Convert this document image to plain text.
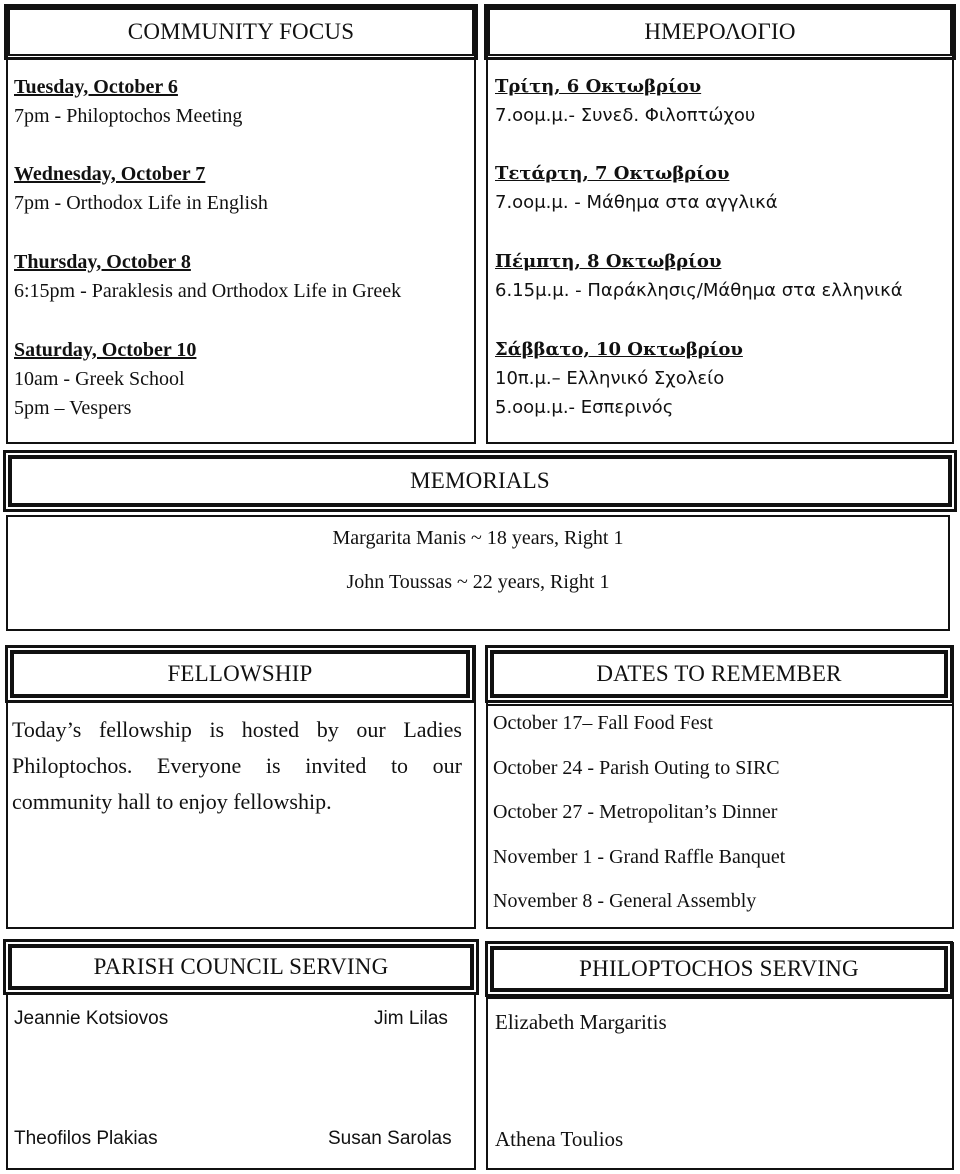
COMMUNITY FOCUS
Tuesday, October 6
7pm - Philoptochos Meeting
Wednesday, October 7
7pm - Orthodox Life in English
Thursday, October 8
6:15pm - Paraklesis and Orthodox Life in Greek
Saturday, October 10
10am - Greek School
5pm – Vespers
ΗΜΕΡΟΛΟΓΙΟ
Τρίτη, 6 Οκτωβρίου
7.οομ.μ.- Συνεδ. Φιλοπτώχου
Τετάρτη, 7 Οκτωβρίου
7.οομ.μ. - Μάθημα στα αγγλικά
Πέμπτη, 8 Οκτωβρίου
6.15μ.μ. - Παράκλησις/Μάθημα στα ελληνικά
Σάββατο, 10 Οκτωβρίου
10π.μ.– Ελληνικό Σχολείο
5.οομ.μ.- Εσπερινός
MEMORIALS
Margarita Manis ~ 18 years, Right 1
John Toussas ~ 22 years, Right 1
FELLOWSHIP
Today’s fellowship is hosted by our Ladies Philoptochos. Everyone is invited to our community hall to enjoy fellowship.
DATES TO REMEMBER
October 17– Fall Food Fest
October 24 - Parish Outing to SIRC
October 27 - Metropolitan’s Dinner
November 1 - Grand Raffle Banquet
November 8 - General Assembly
PARISH COUNCIL SERVING
Jeannie Kotsiovos	Jim Lilas
Theofilos Plakias	Susan Sarolas
PHILOPTOCHOS SERVING
Elizabeth Margaritis
Athena Toulios
